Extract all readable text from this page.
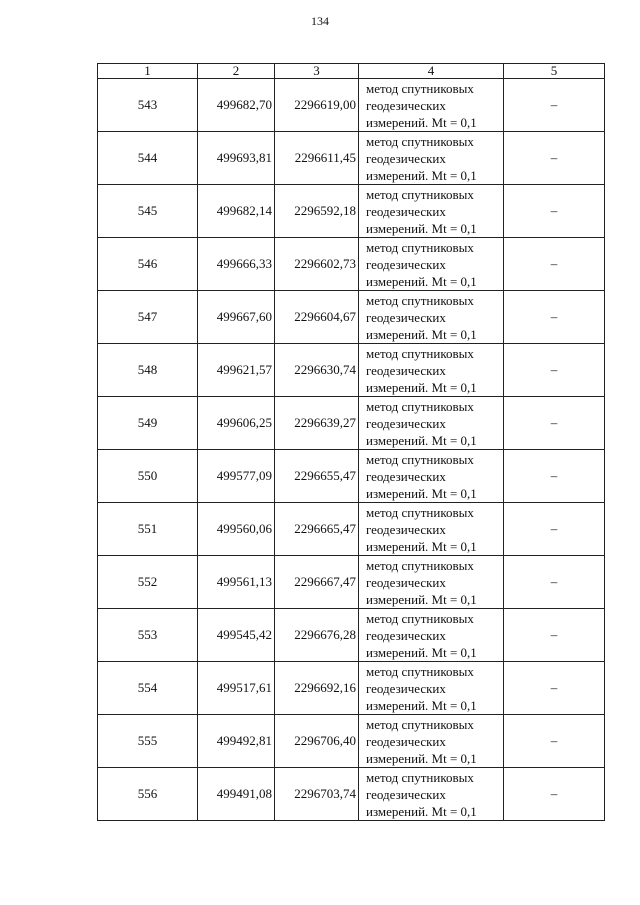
134
1	2	3	4	5
543	499682,70	2296619,00	метод спутниковых геодезических измерений. Mt = 0,1	–
544	499693,81	2296611,45	метод спутниковых геодезических измерений. Mt = 0,1	–
545	499682,14	2296592,18	метод спутниковых геодезических измерений. Mt = 0,1	–
546	499666,33	2296602,73	метод спутниковых геодезических измерений. Mt = 0,1	–
547	499667,60	2296604,67	метод спутниковых геодезических измерений. Mt = 0,1	–
548	499621,57	2296630,74	метод спутниковых геодезических измерений. Mt = 0,1	–
549	499606,25	2296639,27	метод спутниковых геодезических измерений. Mt = 0,1	–
550	499577,09	2296655,47	метод спутниковых геодезических измерений. Mt = 0,1	–
551	499560,06	2296665,47	метод спутниковых геодезических измерений. Mt = 0,1	–
552	499561,13	2296667,47	метод спутниковых геодезических измерений. Mt = 0,1	–
553	499545,42	2296676,28	метод спутниковых геодезических измерений. Mt = 0,1	–
554	499517,61	2296692,16	метод спутниковых геодезических измерений. Mt = 0,1	–
555	499492,81	2296706,40	метод спутниковых геодезических измерений. Mt = 0,1	–
556	499491,08	2296703,74	метод спутниковых геодезических измерений. Mt = 0,1	–
